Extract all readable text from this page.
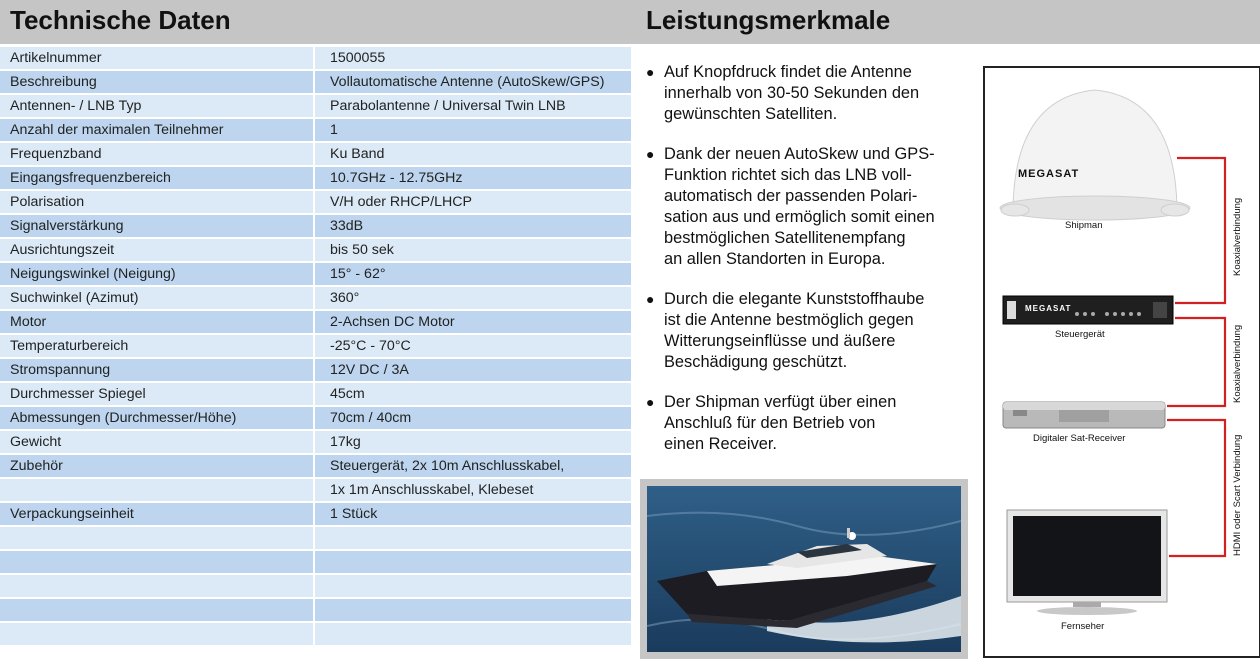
Technische Daten	Leistungsmerkmale
Artikelnummer	1500055
Beschreibung	Vollautomatische Antenne (AutoSkew/GPS)
Antennen- / LNB Typ	Parabolantenne / Universal Twin LNB
Anzahl der maximalen Teilnehmer	1
Frequenzband	Ku Band
Eingangsfrequenzbereich	10.7GHz - 12.75GHz
Polarisation	V/H oder RHCP/LHCP
Signalverstärkung	33dB
Ausrichtungszeit	bis 50 sek
Neigungswinkel (Neigung)	15° - 62°
Suchwinkel (Azimut)	360°
Motor	2-Achsen DC Motor
Temperaturbereich	-25°C - 70°C
Stromspannung	12V DC / 3A
Durchmesser Spiegel	45cm
Abmessungen (Durchmesser/Höhe)	70cm / 40cm
Gewicht	17kg
Zubehör	Steuergerät, 2x 10m Anschlusskabel,
	1x 1m Anschlusskabel, Klebeset
Verpackungseinheit	1 Stück

● Auf Knopfdruck findet die Antenne
innerhalb von 30-50 Sekunden den
gewünschten Satelliten.
● Dank der neuen AutoSkew und GPS-
Funktion richtet sich das LNB voll-
automatisch der passenden Polari-
sation aus und ermöglich somit einen
bestmöglichen Satellitenempfang
an allen Standorten in Europa.
● Durch die elegante Kunststoffhaube
ist die Antenne bestmöglich gegen
Witterungseinflüsse und äußere
Beschädigung geschützt.
● Der Shipman verfügt über einen
Anschluß für den Betrieb von
einen Receiver.
MEGASAT
Shipman
MEGASAT
Steuergerät
Digitaler Sat-Receiver
Fernseher
Koaxialverbindung
Koaxialverbindung
HDMI oder Scart Verbindung
